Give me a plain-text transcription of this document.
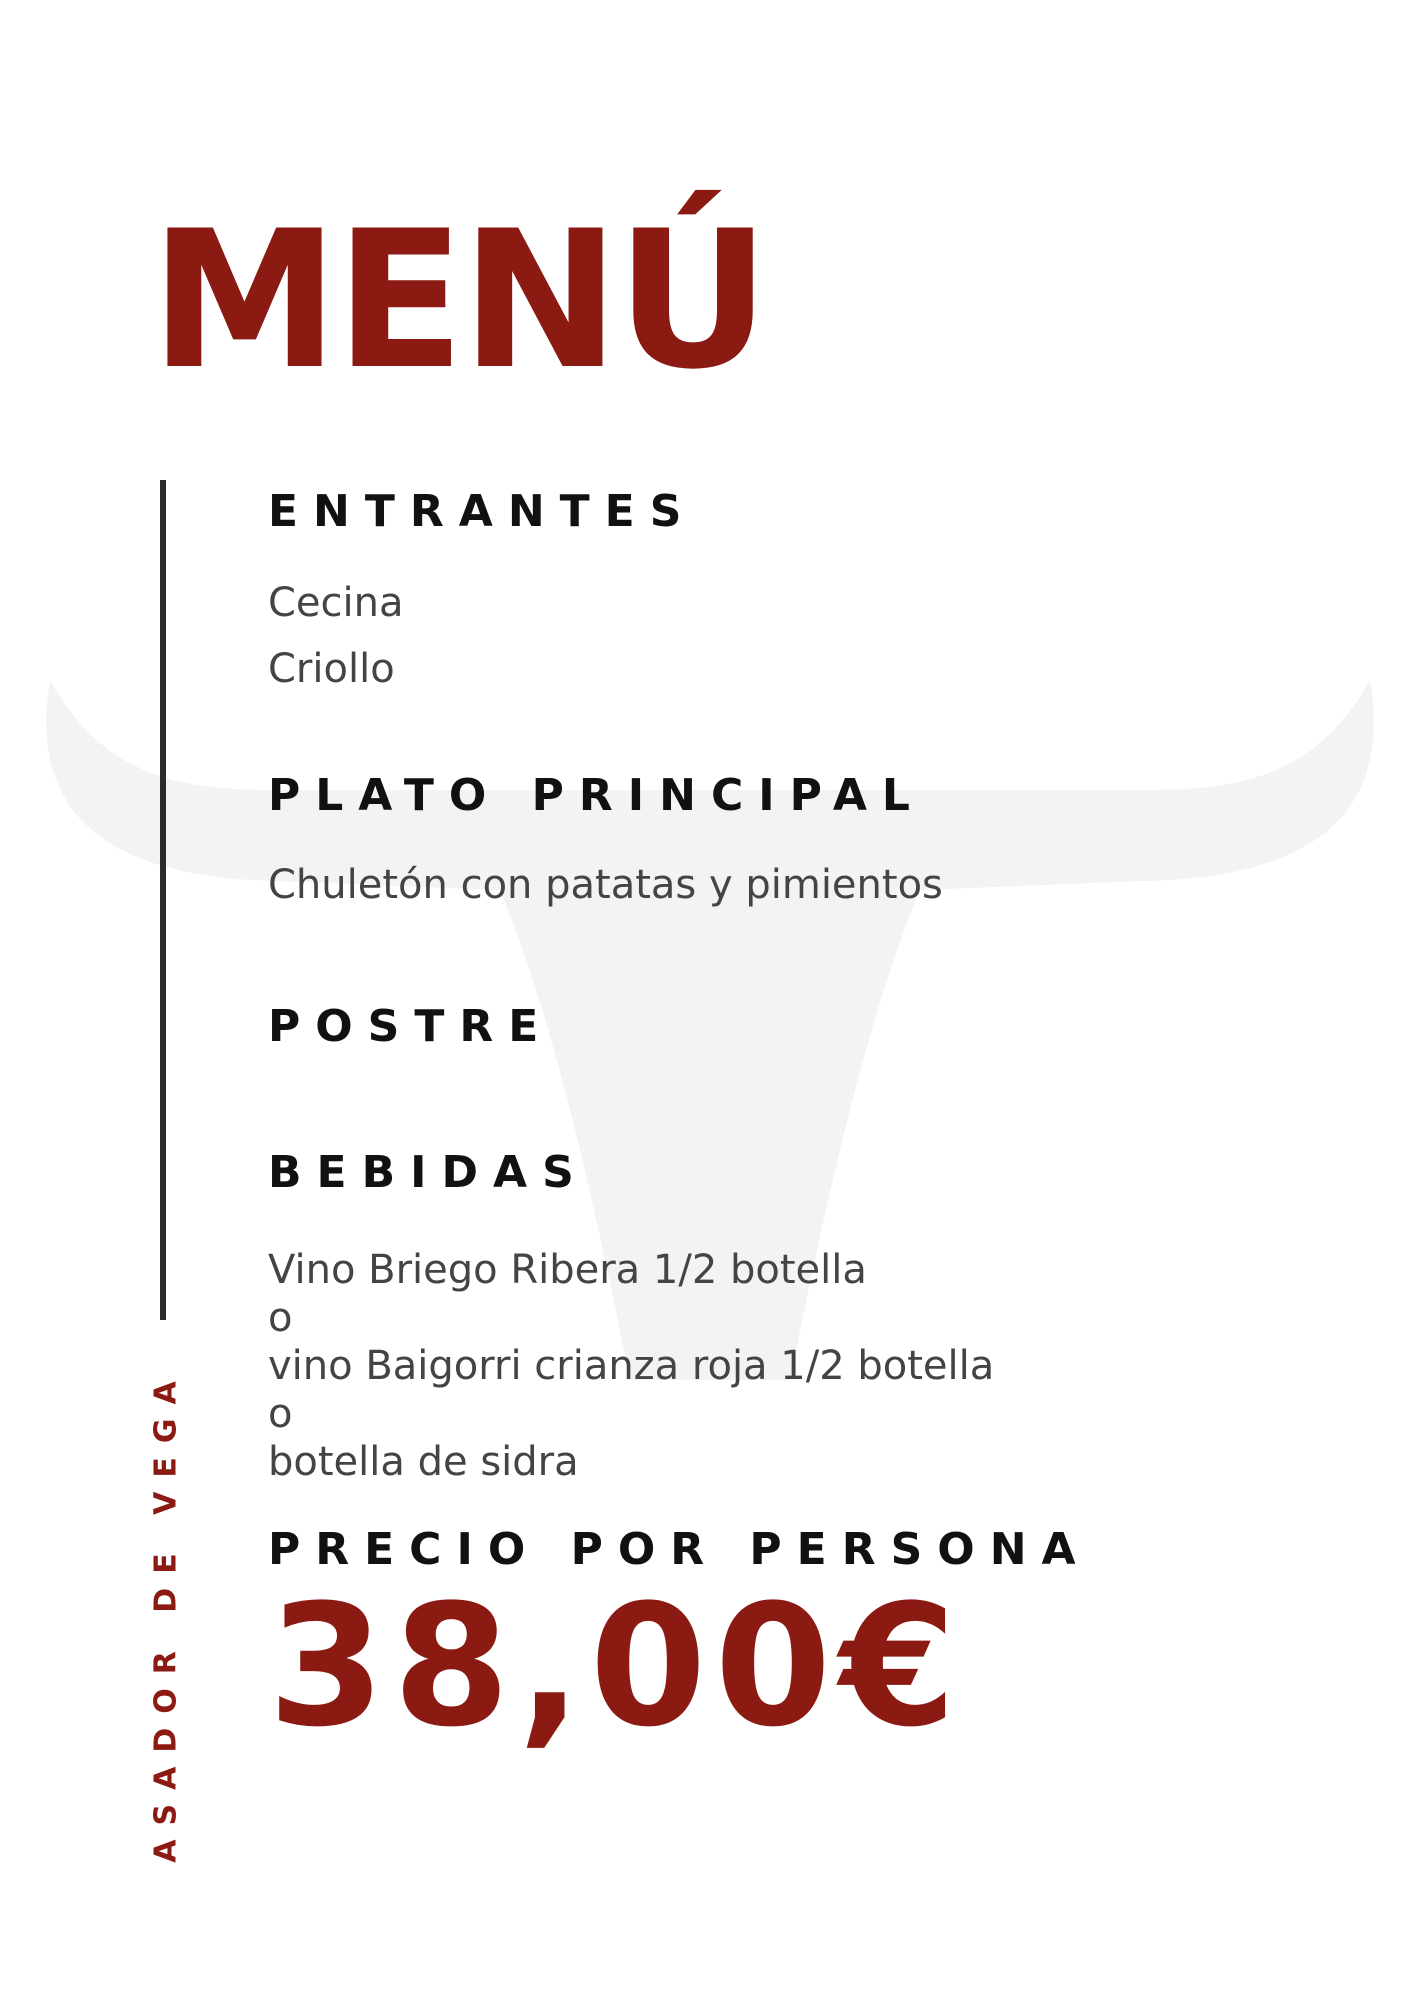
MENÚ
ASADOR DE VEGA
ENTRANTES
Cecina
Criollo
PLATO PRINCIPAL
Chuletón con patatas y pimientos
POSTRE
BEBIDAS
Vino Briego Ribera 1/2 botella
o
vino Baigorri crianza roja 1/2 botella
o
botella de sidra
PRECIO POR PERSONA
38,00€
